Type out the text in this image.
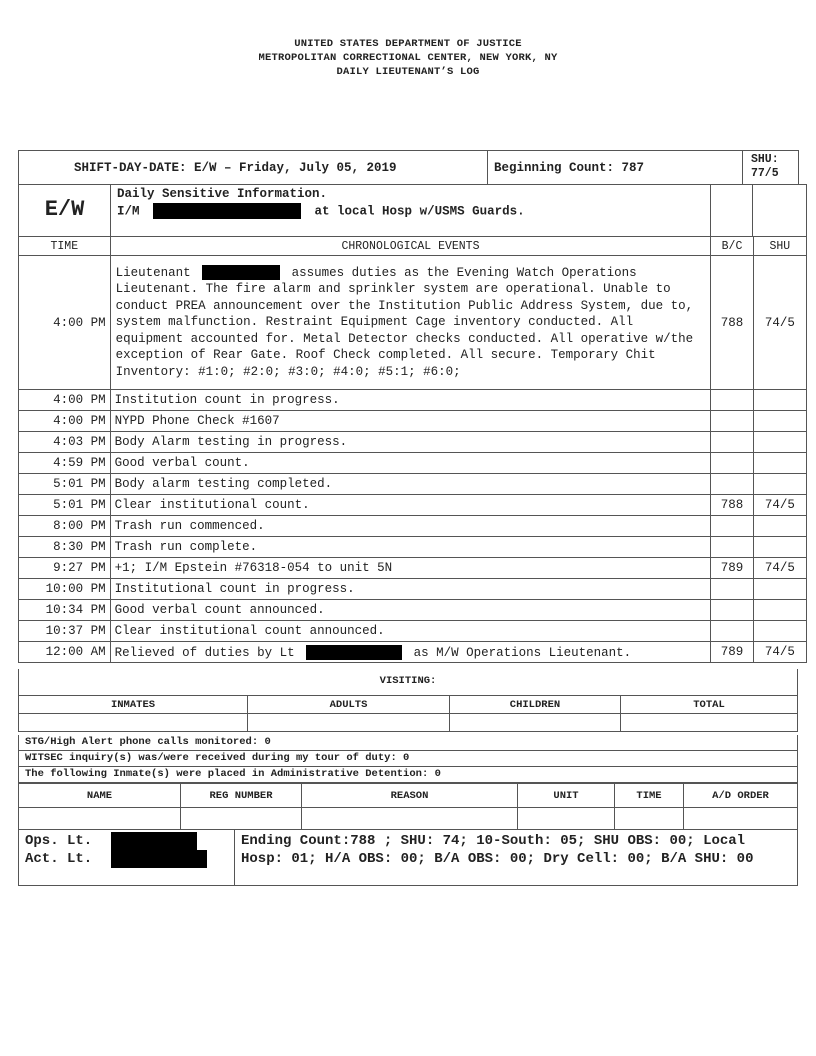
UNITED STATES DEPARTMENT OF JUSTICE
METROPOLITAN CORRECTIONAL CENTER, NEW YORK, NY
DAILY LIEUTENANT’S LOG
SHIFT-DAY-DATE: E/W – Friday, July 05, 2019	Beginning Count: 787
SHU:
77/5
E/W
Daily Sensitive Information.
I/M	at local Hosp w/USMS Guards.
TIME	CHRONOLOGICAL EVENTS	B/C	SHU
4:00 PM	Lieutenant assumes duties as the Evening Watch Operations Lieutenant. The fire alarm and sprinkler system are operational. Unable to conduct PREA announcement over the Institution Public Address System, due to, system malfunction. Restraint Equipment Cage inventory conducted. All equipment accounted for. Metal Detector checks conducted. All operative w/the exception of Rear Gate. Roof Check completed. All secure. Temporary Chit Inventory: #1:0; #2:0; #3:0; #4:0; #5:1; #6:0;	788	74/5
4:00 PM	Institution count in progress.		
4:00 PM	NYPD Phone Check #1607		
4:03 PM	Body Alarm testing in progress.		
4:59 PM	Good verbal count.		
5:01 PM	Body alarm testing completed.		
5:01 PM	Clear institutional count.	788	74/5
8:00 PM	Trash run commenced.		
8:30 PM	Trash run complete.		
9:27 PM	+1; I/M Epstein #76318-054 to unit 5N	789	74/5
10:00 PM	Institutional count in progress.		
10:34 PM	Good verbal count announced.		
10:37 PM	Clear institutional count announced.		
12:00 AM	Relieved of duties by Lt as M/W Operations Lieutenant.	789	74/5
VISITING:
INMATES	ADULTS	CHILDREN	TOTAL

STG/High Alert phone calls monitored: 0
WITSEC inquiry(s) was/were received during my tour of duty: 0
The following Inmate(s) were placed in Administrative Detention: 0
NAME	REG NUMBER	REASON	UNIT	TIME	A/D ORDER

Ops. Lt.
Act. Lt.
Ending Count:788 ; SHU: 74; 10-South: 05; SHU OBS: 00; Local Hosp: 01; H/A OBS: 00; B/A OBS: 00; Dry Cell: 00; B/A SHU: 00
